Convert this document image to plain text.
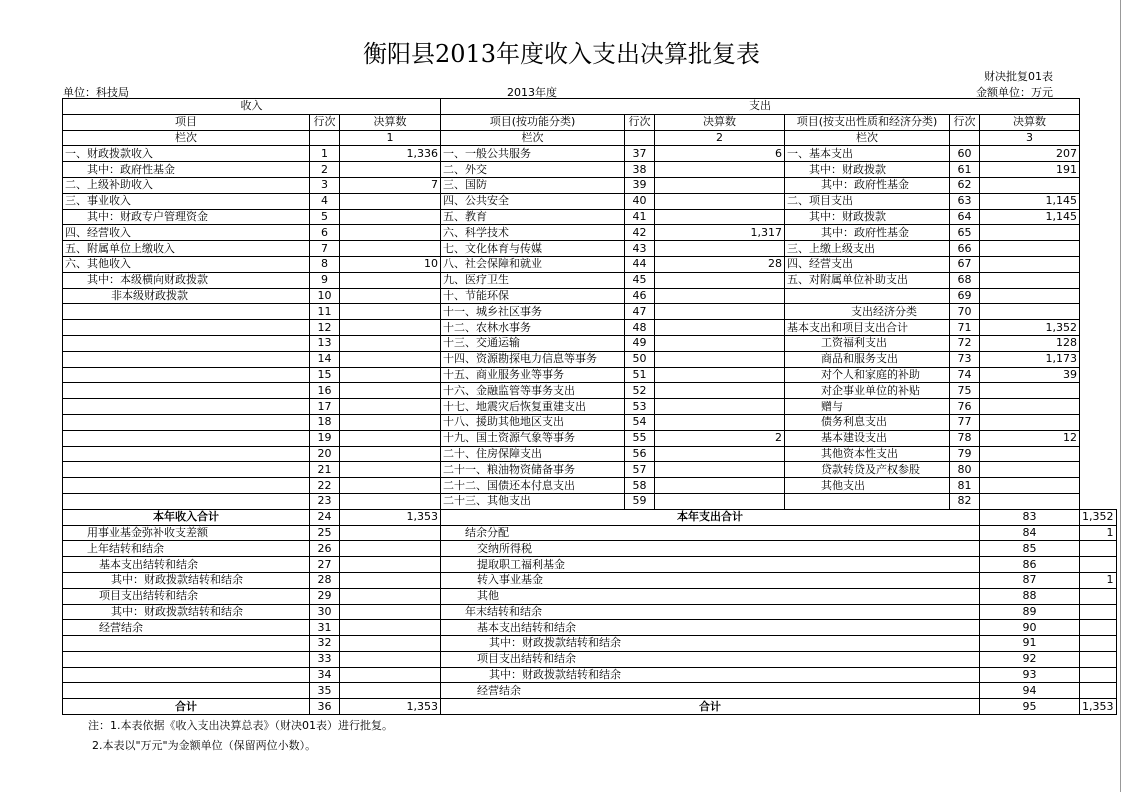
衡阳县2013年度收入支出决算批复表
财决批复01表
单位：科技局	2013年度	金额单位：万元
收入			支出						
项目	行次	决算数	项目(按功能分类)	行次	决算数	项目(按支出性质和经济分类)	行次	决算数	
栏次		1	栏次		2	栏次		3	
一、财政拨款收入	1	1,336	一、一般公共服务	37	6	一、基本支出	60	207	
其中：政府性基金	2		二、外交	38		其中：财政拨款	61	191	
二、上级补助收入	3	7	三、国防	39		其中：政府性基金	62		
三、事业收入	4		四、公共安全	40		二、项目支出	63	1,145	
其中：财政专户管理资金	5		五、教育	41		其中：财政拨款	64	1,145	
四、经营收入	6		六、科学技术	42	1,317	其中：政府性基金	65		
五、附属单位上缴收入	7		七、文化体育与传媒	43		三、上缴上级支出	66		
六、其他收入	8	10	八、社会保障和就业	44	28	四、经营支出	67		
其中：本级横向财政拨款	9		九、医疗卫生	45		五、对附属单位补助支出	68		
非本级财政拨款	10		十、节能环保	46			69		
	11		十一、城乡社区事务	47		支出经济分类	70		
	12		十二、农林水事务	48		基本支出和项目支出合计	71	1,352	
	13		十三、交通运输	49		工资福利支出	72	128	
	14		十四、资源勘探电力信息等事务	50		商品和服务支出	73	1,173	
	15		十五、商业服务业等事务	51		对个人和家庭的补助	74	39	
	16		十六、金融监管等事务支出	52		对企事业单位的补贴	75		
	17		十七、地震灾后恢复重建支出	53		赠与	76		
	18		十八、援助其他地区支出	54		债务利息支出	77		
	19		十九、国土资源气象等事务	55	2	基本建设支出	78	12	
	20		二十、住房保障支出	56		其他资本性支出	79		
	21		二十一、粮油物资储备事务	57		贷款转贷及产权参股	80		
	22		二十二、国债还本付息支出	58		其他支出	81		
	23		二十三、其他支出	59			82		
本年收入合计	24	1,353	本年支出合计					83	1,352
用事业基金弥补收支差额	25		结余分配					84	1
上年结转和结余	26		交纳所得税					85	
基本支出结转和结余	27		提取职工福利基金					86	
其中：财政拨款结转和结余	28		转入事业基金					87	1
项目支出结转和结余	29		其他					88	
其中：财政拨款结转和结余	30		年末结转和结余					89	
经营结余	31		基本支出结转和结余					90	
	32		其中：财政拨款结转和结余					91	
	33		项目支出结转和结余					92	
	34		其中：财政拨款结转和结余					93	
	35		经营结余					94	
合计	36	1,353	合计					95	1,353
注：1.本表依据《收入支出决算总表》（财决01表）进行批复。
2.本表以"万元"为金额单位（保留两位小数）。
